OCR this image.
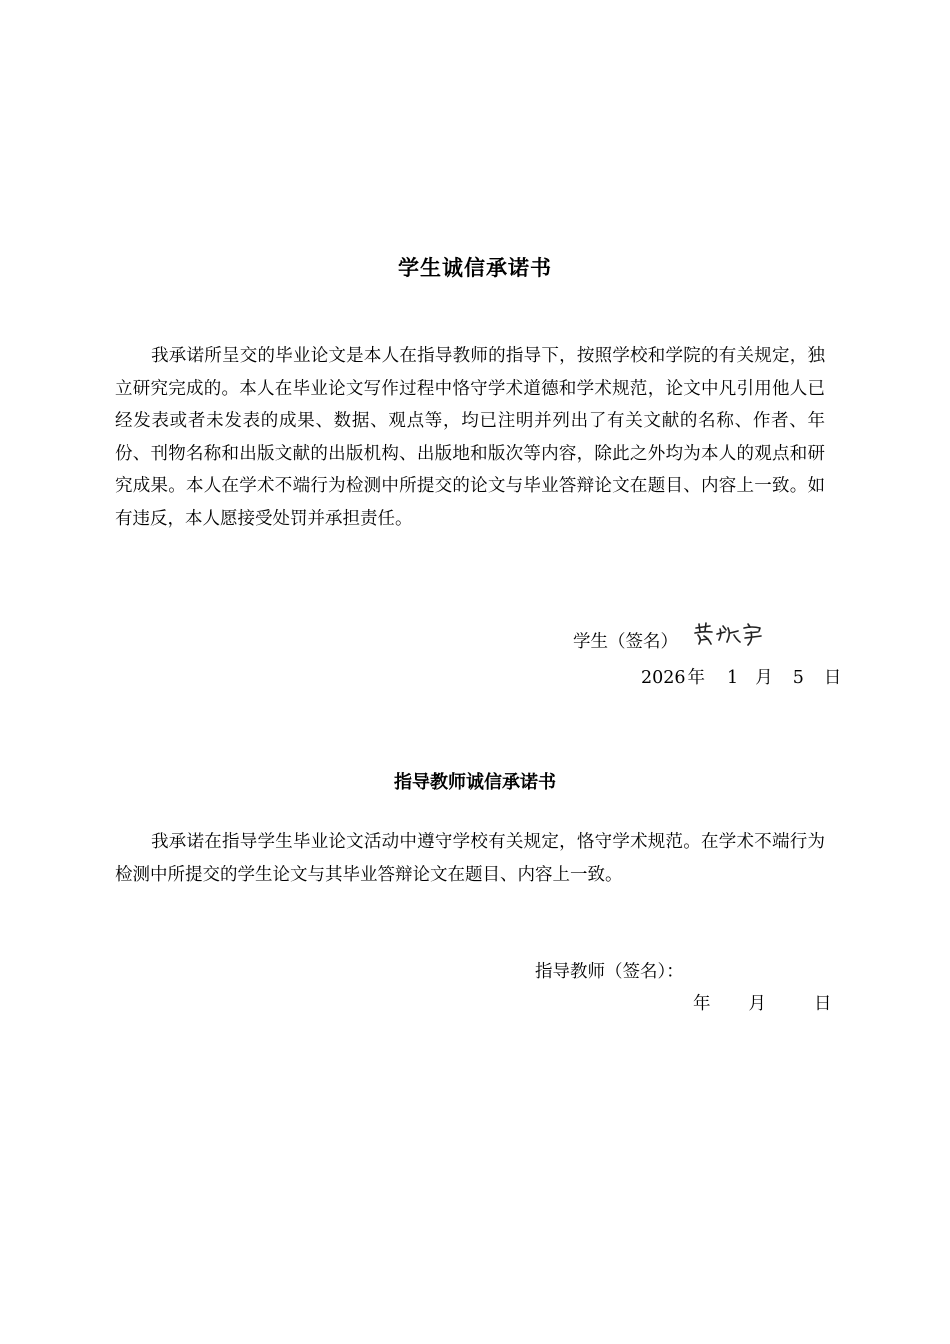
学生诚信承诺书

我承诺所呈交的毕业论文是本人在指导教师的指导下，按照学校和学院的有关规定，独立研究完成的。本人在毕业论文写作过程中恪守学术道德和学术规范，论文中凡引用他人已经发表或者未发表的成果、数据、观点等，均已注明并列出了有关文献的名称、作者、年份、刊物名称和出版文献的出版机构、出版地和版次等内容，除此之外均为本人的观点和研究成果。本人在学术不端行为检测中所提交的论文与毕业答辩论文在题目、内容上一致。如有违反，本人愿接受处罚并承担责任。

学生（签名）
2026 年 1 月 5 日
指导教师诚信承诺书

我承诺在指导学生毕业论文活动中遵守学校有关规定，恪守学术规范。在学术不端行为检测中所提交的学生论文与其毕业答辩论文在题目、内容上一致。

指导教师（签名）：
年 月	日
